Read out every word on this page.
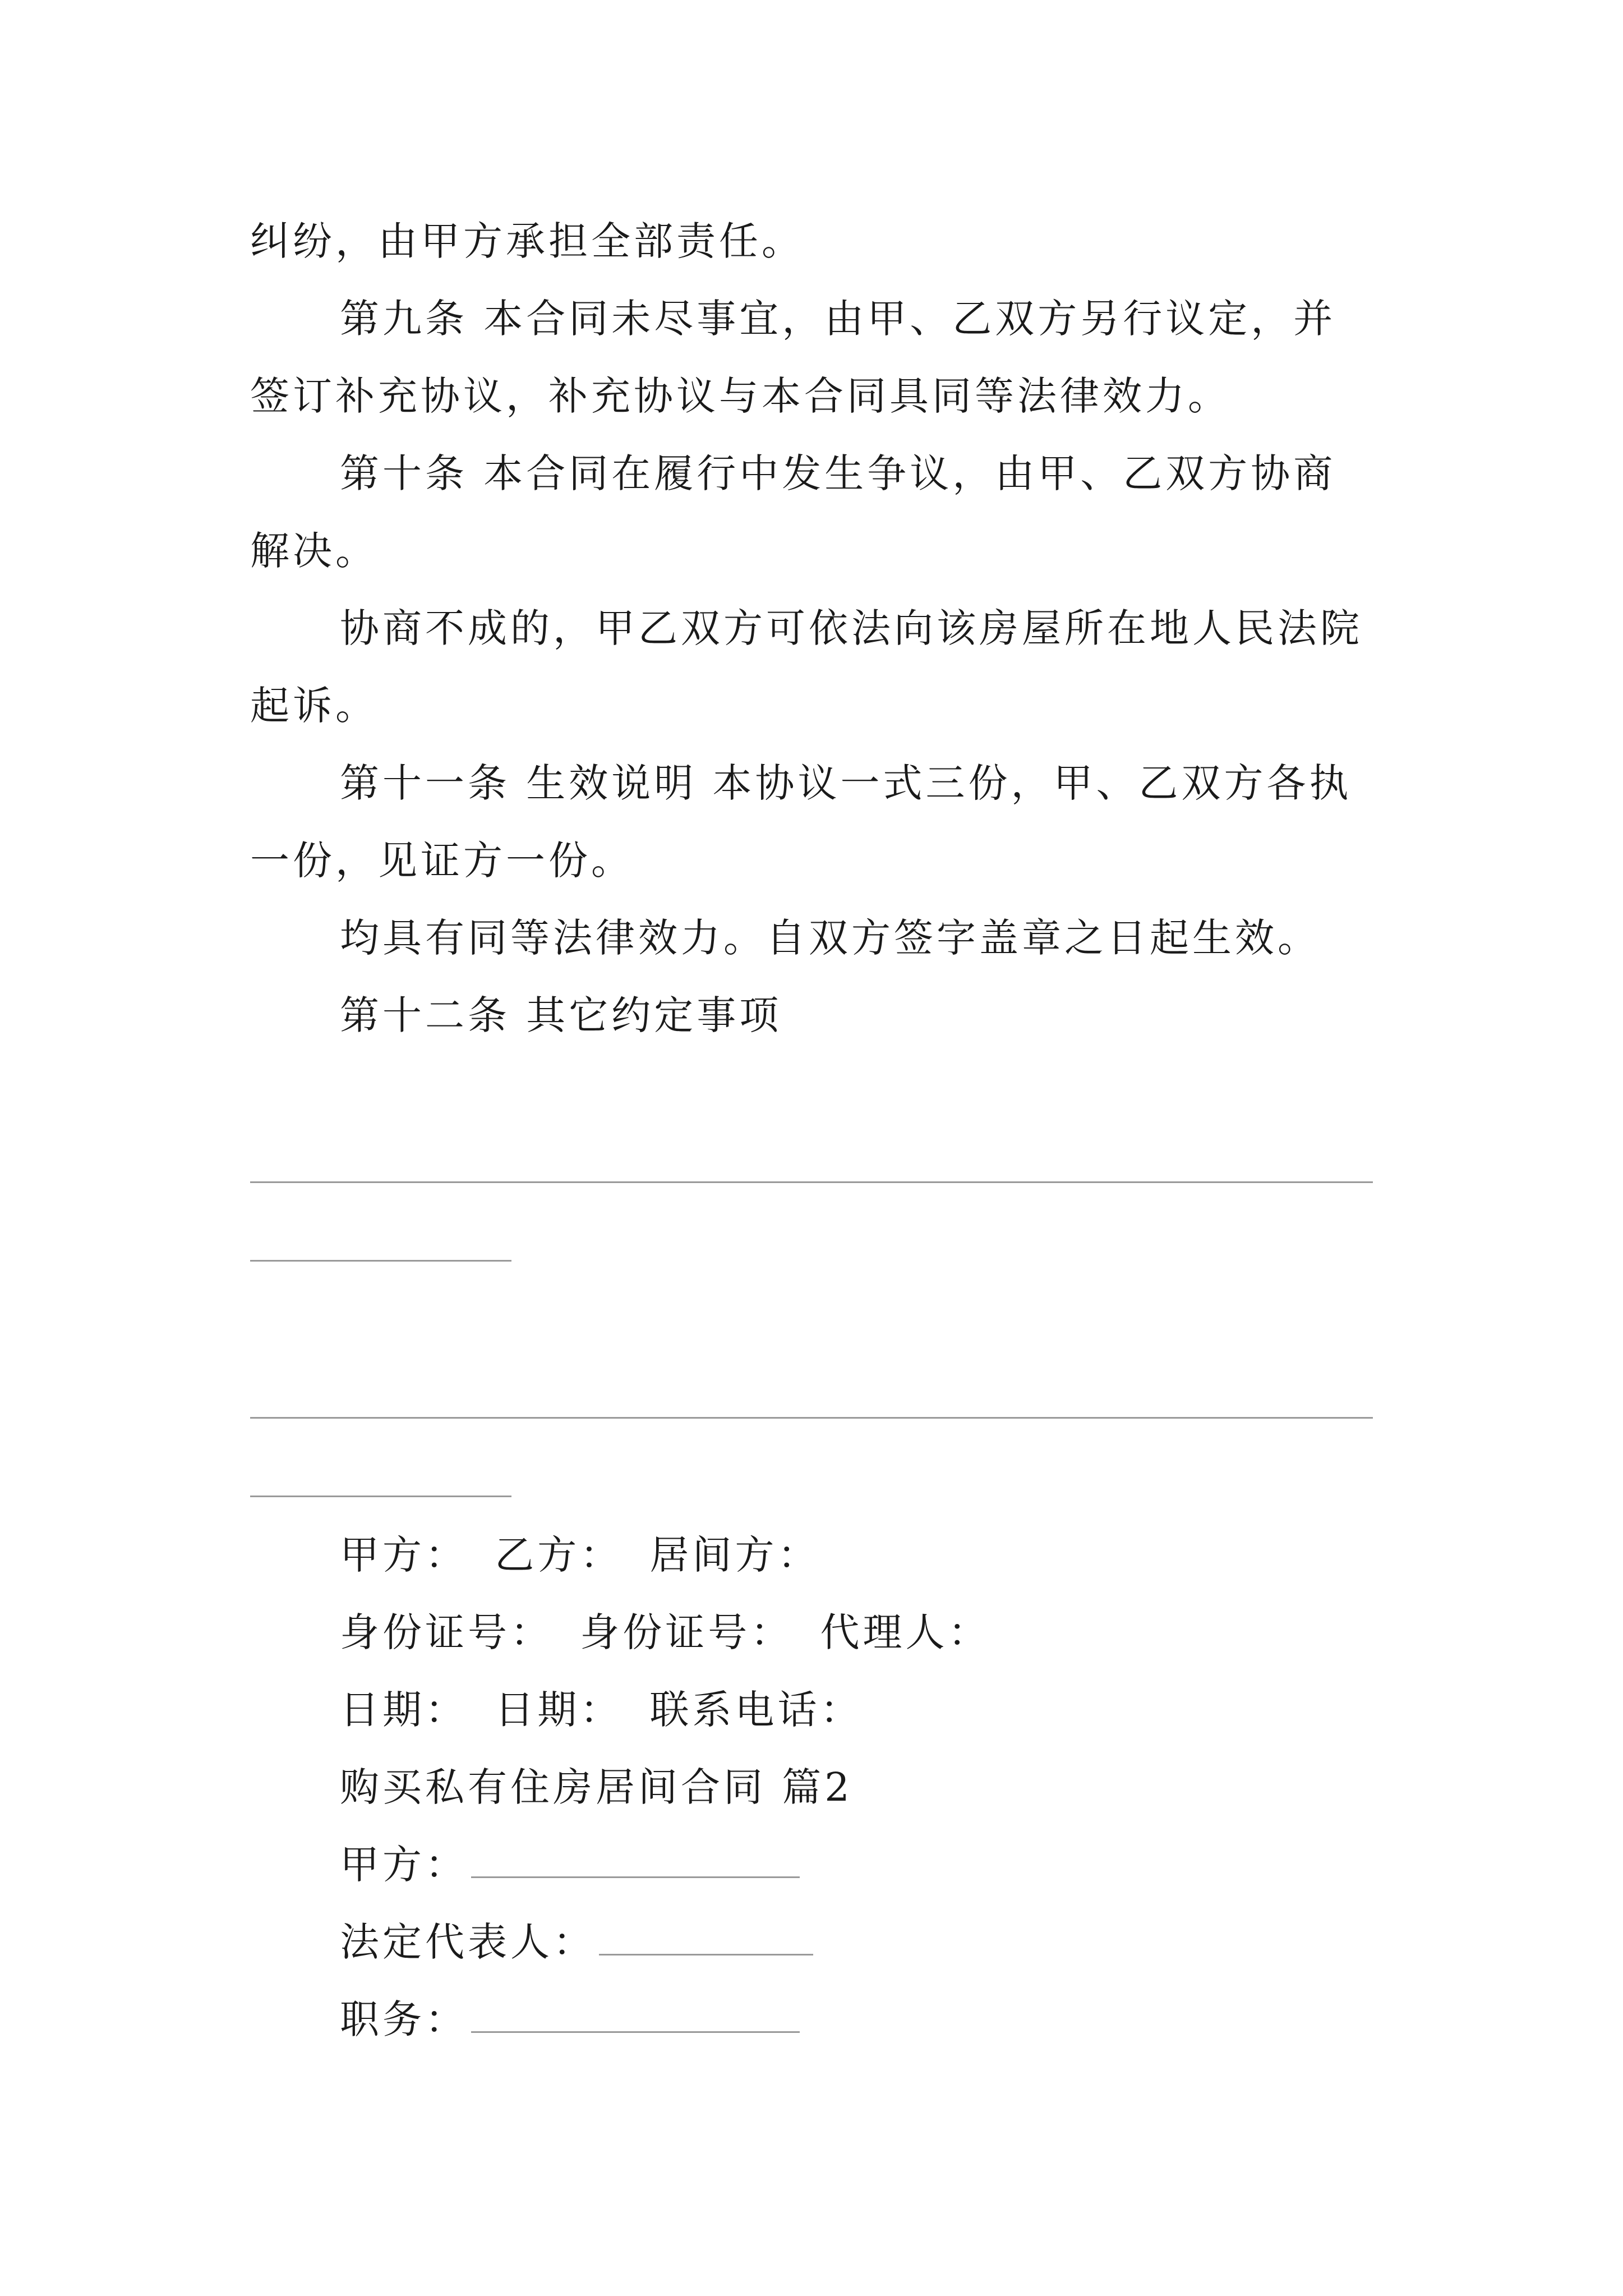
纠纷，由甲方承担全部责任。
第九条 本合同未尽事宜，由甲、乙双方另行议定，并
签订补充协议，补充协议与本合同具同等法律效力。
第十条 本合同在履行中发生争议，由甲、乙双方协商
解决。
协商不成的，甲乙双方可依法向该房屋所在地人民法院
起诉。
第十一条 生效说明 本协议一式三份，甲、乙双方各执
一份，见证方一份。
均具有同等法律效力。自双方签字盖章之日起生效。
第十二条 其它约定事项
甲方： 乙方： 居间方：
身份证号： 身份证号： 代理人：
日期： 日期： 联系电话：
购买私有住房居间合同 篇2
甲方：
法定代表人：
职务：
